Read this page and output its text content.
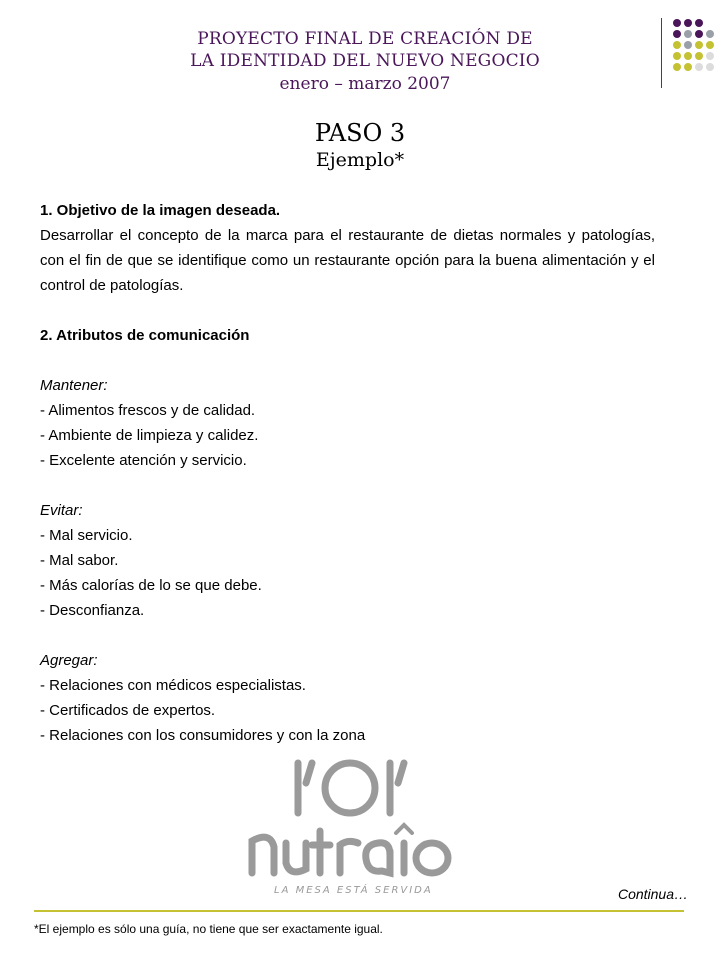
PROYECTO FINAL DE CREACIÓN DE
LA IDENTIDAD DEL NUEVO NEGOCIO
enero – marzo 2007
PASO 3
Ejemplo*

1. Objetivo de la imagen deseada.

Desarrollar el concepto de la marca para el restaurante de dietas normales y patologías, con el fin de que se identifique como un restaurante opción para la buena alimentación y el control de patologías.

2. Atributos de comunicación

Mantener:

- Alimentos frescos y de calidad.

- Ambiente de limpieza y calidez.

- Excelente atención y servicio.

Evitar:

- Mal servicio.

- Mal sabor.

- Más calorías de lo se que debe.

- Desconfianza.

Agregar:

- Relaciones con médicos especialistas.

- Certificados de expertos.

- Relaciones con los consumidores y con la zona

LA MESA ESTÁ SERVIDA	Continua…
*El ejemplo es sólo una guía, no tiene que ser exactamente igual.
